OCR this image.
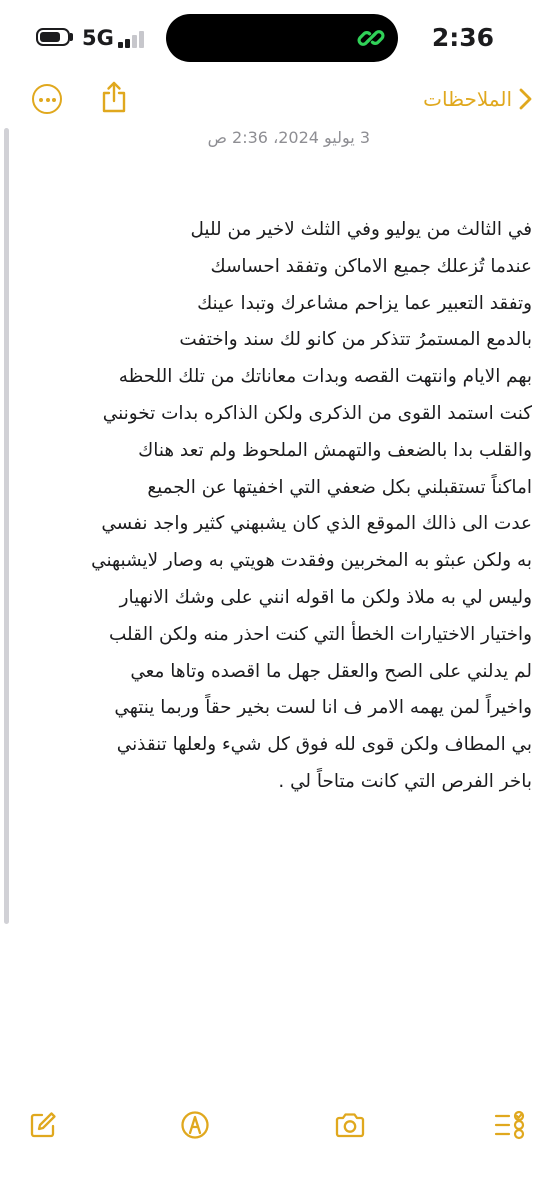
5G	2:36
الملاحظات
3 يوليو 2024، 2:36 ص
في الثالث من يوليو وفي الثلث لاخير من لليل
عندما تُزعلك جميع الاماكن وتفقد احساسك
وتفقد التعبير عما يزاحم مشاعرك وتبدا عينك
بالدمع المستمرُ تتذكر من كانو لك سند واختفت
بهم الايام وانتهت القصه وبدات معاناتك من تلك اللحظه
كنت استمد القوى من الذكرى ولكن الذاكره بدات تخونني
والقلب بدا بالضعف والتهمش الملحوظ ولم تعد هناك
اماكناً تستقبلني بكل ضعفي التي اخفيتها عن الجميع
عدت الى ذالك الموقع الذي كان يشبهني كثير واجد نفسي
به ولكن عبثو به المخربين وفقدت هويتي به وصار لايشبهني
وليس لي به ملاذ ولكن ما اقوله انني على وشك الانهيار
واختيار الاختيارات الخطأ التي كنت احذر منه ولكن القلب
لم يدلني على الصح والعقل جهل ما اقصده وتاها معي
واخيراً لمن يهمه الامر ف انا لست بخير حقاً وربما ينتهي
بي المطاف ولكن قوى لله فوق كل شيء ولعلها تنقذني
باخر الفرص التي كانت متاحاً لي .
